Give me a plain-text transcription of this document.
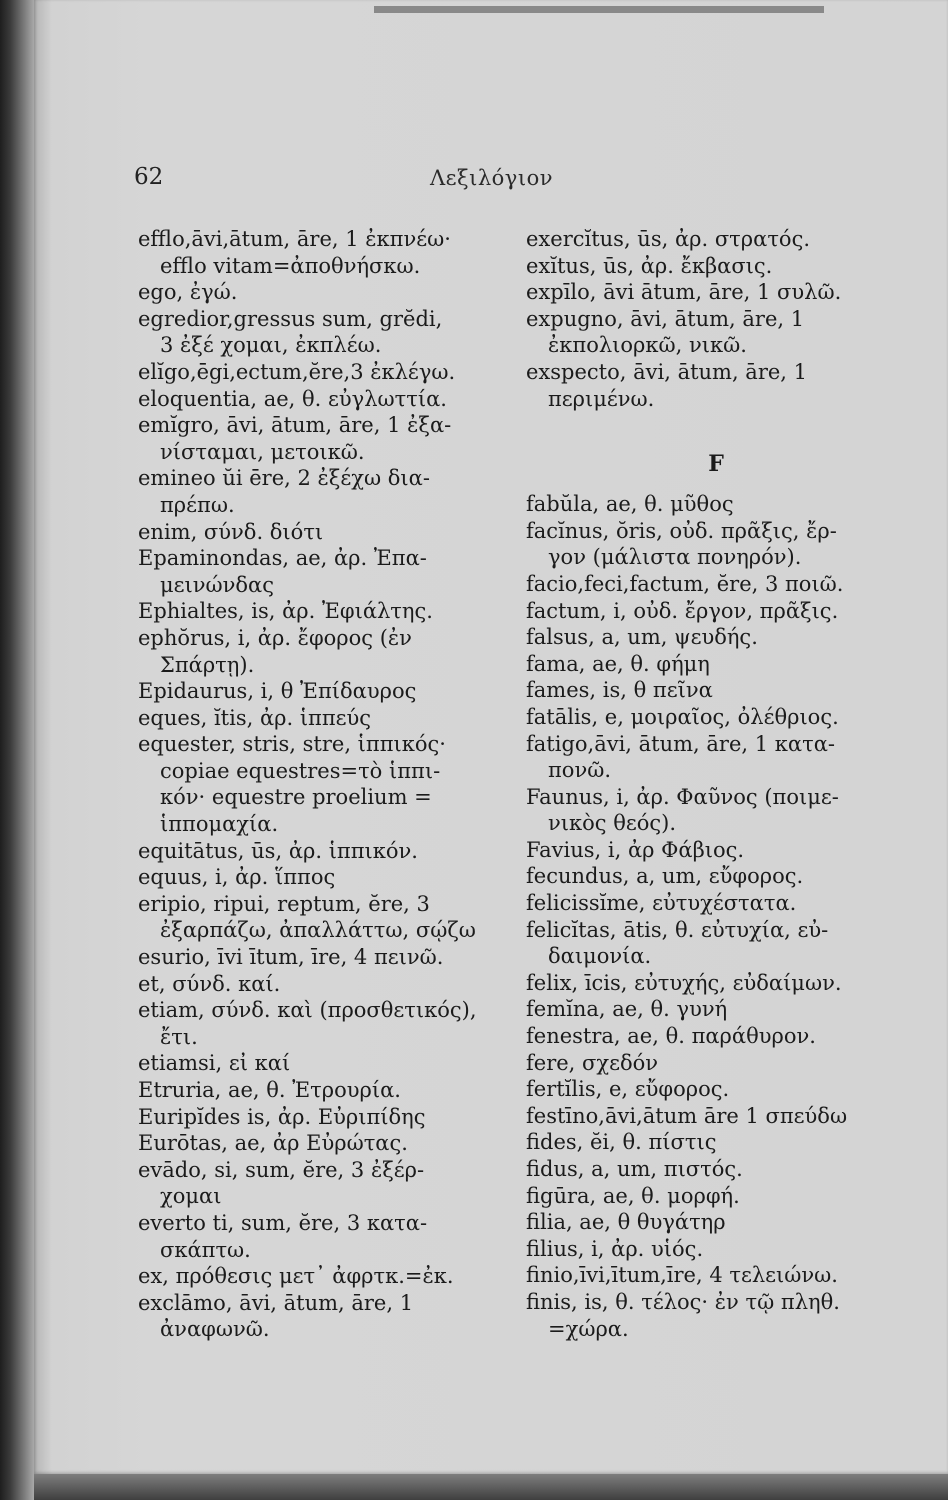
62	Λεξιλόγιον
efflo,āvi,ātum, āre, 1 ἐκπνέω·
efflo vitam=ἀποθνήσκω.
ego, ἐγώ.
egredior,gressus sum, grĕdi,
3 ἐξέ χομαι, ἐκπλέω.
elĭgo,ēgi,ectum,ĕre,3 ἐκλέγω.
eloquentia, ae, θ. εὐγλωττία.
emĭgro, āvi, ātum, āre, 1 ἐξα-
νίσταμαι, μετοικῶ.
emineo ŭi ēre, 2 ἐξέχω δια-
πρέπω.
enim, σύνδ. διότι
Epaminondas, ae, ἀρ. Ἐπα-
μεινώνδας
Ephialtes, is, ἀρ. Ἐφιάλτης.
ephŏrus, i, ἀρ. ἔφορος (ἐν
Σπάρτῃ).
Epidaurus, i, θ Ἐπίδαυρος
eques, ĭtis, ἀρ. ἱππεύς
equester, stris, stre, ἱππικός·
copiae equestres=τὸ ἱππι-
κόν· equestre proelium =
ἱππομαχία.
equitātus, ūs, ἀρ. ἱππικόν.
equus, i, ἀρ. ἵππος
eripio, ripui, reptum, ĕre, 3
ἐξαρπάζω, ἀπαλλάττω, σῴζω
esurio, īvi ītum, īre, 4 πεινῶ.
et, σύνδ. καί.
etiam, σύνδ. καὶ (προσθετικός),
ἔτι.
etiamsi, εἰ καί
Etruria, ae, θ. Ἐτρουρία.
Euripĭdes is, ἀρ. Εὐριπίδης
Eurōtas, ae, ἀρ Εὐρώτας.
evādo, si, sum, ĕre, 3 ἐξέρ-
χομαι
everto ti, sum, ĕre, 3 κατα-
σκάπτω.
ex, πρόθεσις μετ᾽ ἀφρτκ.=ἐκ.
exclāmo, āvi, ātum, āre, 1
ἀναφωνῶ.
exercĭtus, ūs, ἀρ. στρατός.
exĭtus, ūs, ἀρ. ἔκβασις.
expīlo, āvi ātum, āre, 1 συλῶ.
expugno, āvi, ātum, āre, 1
ἐκπολιορκῶ, νικῶ.
exspecto, āvi, ātum, āre, 1
περιμένω.
F
fabŭla, ae, θ. μῦθος
facĭnus, ŏris, οὐδ. πρᾶξις, ἔρ-
γον (μάλιστα πονηρόν).
facio,feci,factum, ĕre, 3 ποιῶ.
factum, i, οὐδ. ἔργον, πρᾶξις.
falsus, a, um, ψευδής.
fama, ae, θ. φήμη
fames, is, θ πεῖνα
fatālis, e, μοιραῖος, ὀλέθριος.
fatigo,āvi, ātum, āre, 1 κατα-
πονῶ.
Faunus, i, ἀρ. Φαῦνος (ποιμε-
νικὸς θεός).
Favius, i, ἀρ Φάβιος.
fecundus, a, um, εὔφορος.
felicissĭme, εὐτυχέστατα.
felicĭtas, ātis, θ. εὐτυχία, εὐ-
δαιμονία.
felix, īcis, εὐτυχής, εὐδαίμων.
femĭna, ae, θ. γυνή
fenestra, ae, θ. παράθυρον.
fere, σχεδόν
fertĭlis, e, εὔφορος.
festīno,āvi,ātum āre 1 σπεύδω
fides, ĕi, θ. πίστις
fidus, a, um, πιστός.
figūra, ae, θ. μορφή.
filia, ae, θ θυγάτηρ
filius, i, ἀρ. υἱός.
finio,īvi,ītum,īre, 4 τελειώνω.
finis, is, θ. τέλος· ἐν τῷ πληθ.
=χώρα.
